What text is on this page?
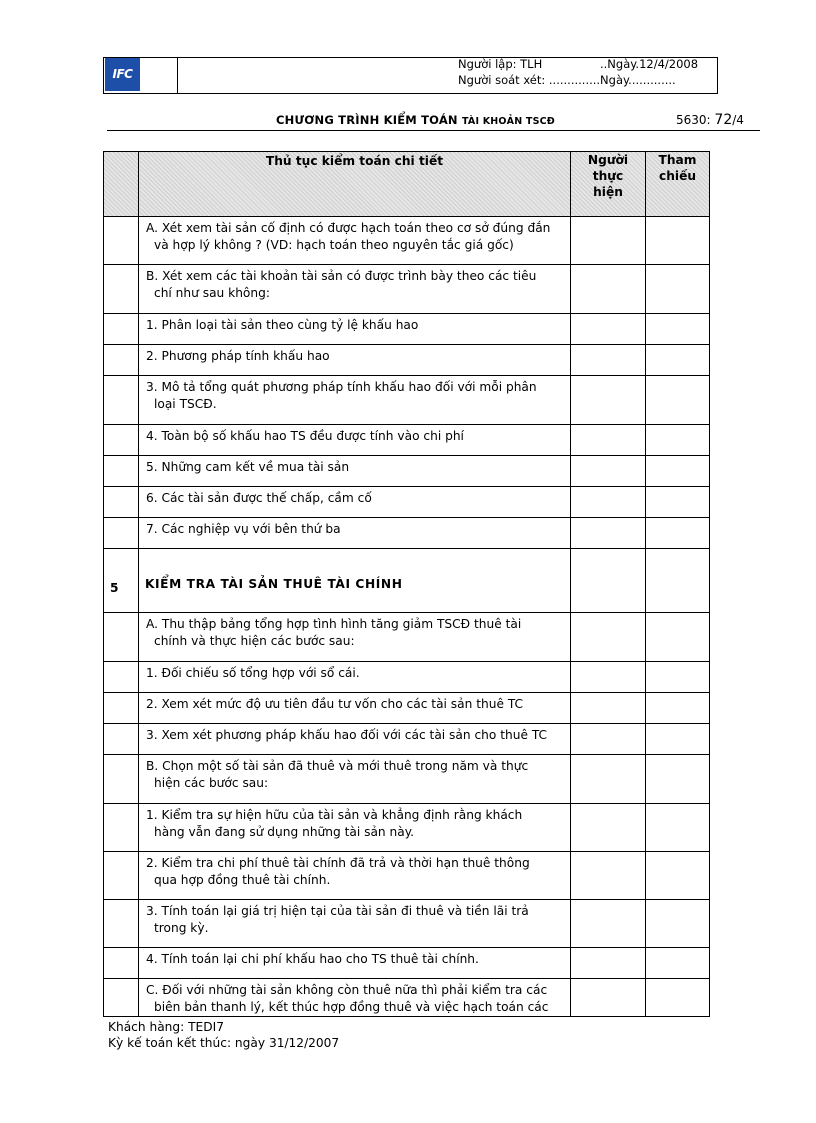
IFC
Người lập: TLH	..Ngày.12/4/2008
Người soát xét: ..............Ngày.............
CHƯƠNG TRÌNH KIỂM TOÁN TÀI KHOẢN TSCĐ	5630: 72/4

	Thủ tục kiểm toán chi tiết	Người thực hiện	Tham chiếu

	A. Xét xem tài sản cố định có được hạch toán theo cơ sở đúng đắn
và hợp lý không ? (VD: hạch toán theo nguyên tắc giá gốc)		

	B. Xét xem các tài khoản tài sản có được trình bày theo các tiêu
chí như sau không:		

	1. Phân loại tài sản theo cùng tỷ lệ khấu hao		

	2. Phương pháp tính khấu hao		

	3. Mô tả tổng quát phương pháp tính khấu hao đối với mỗi phân
loại TSCĐ.		

	4. Toàn bộ số khấu hao TS đều được tính vào chi phí		

	5. Những cam kết về mua tài sản		

	6. Các tài sản được thế chấp, cầm cố		

	7. Các nghiệp vụ với bên thứ ba		

5	KIỂM TRA TÀI SẢN THUÊ TÀI CHÍNH		

	A. Thu thập bảng tổng hợp tình hình tăng giảm TSCĐ thuê tài
chính và thực hiện các bước sau:		

	1. Đối chiếu số tổng hợp với sổ cái.		

	2. Xem xét mức độ ưu tiên đầu tư vốn cho các tài sản thuê TC		

	3. Xem xét phương pháp khấu hao đối với các tài sản cho thuê TC		

	B. Chọn một số tài sản đã thuê và mới thuê trong năm và thực
hiện các bước sau:		

	1. Kiểm tra sự hiện hữu của tài sản và khẳng định rằng khách
hàng vẫn đang sử dụng những tài sản này.		

	2. Kiểm tra chi phí thuê tài chính đã trả và thời hạn thuê thông
qua hợp đồng thuê tài chính.		

	3. Tính toán lại giá trị hiện tại của tài sản đi thuê và tiền lãi trả
trong kỳ.		

	4. Tính toán lại chi phí khấu hao cho TS thuê tài chính.		

	C. Đối với những tài sản không còn thuê nữa thì phải kiểm tra các
biên bản thanh lý, kết thúc hợp đồng thuê và việc hạch toán các		

Khách hàng: TEDI7
Kỳ kế toán kết thúc: ngày 31/12/2007
